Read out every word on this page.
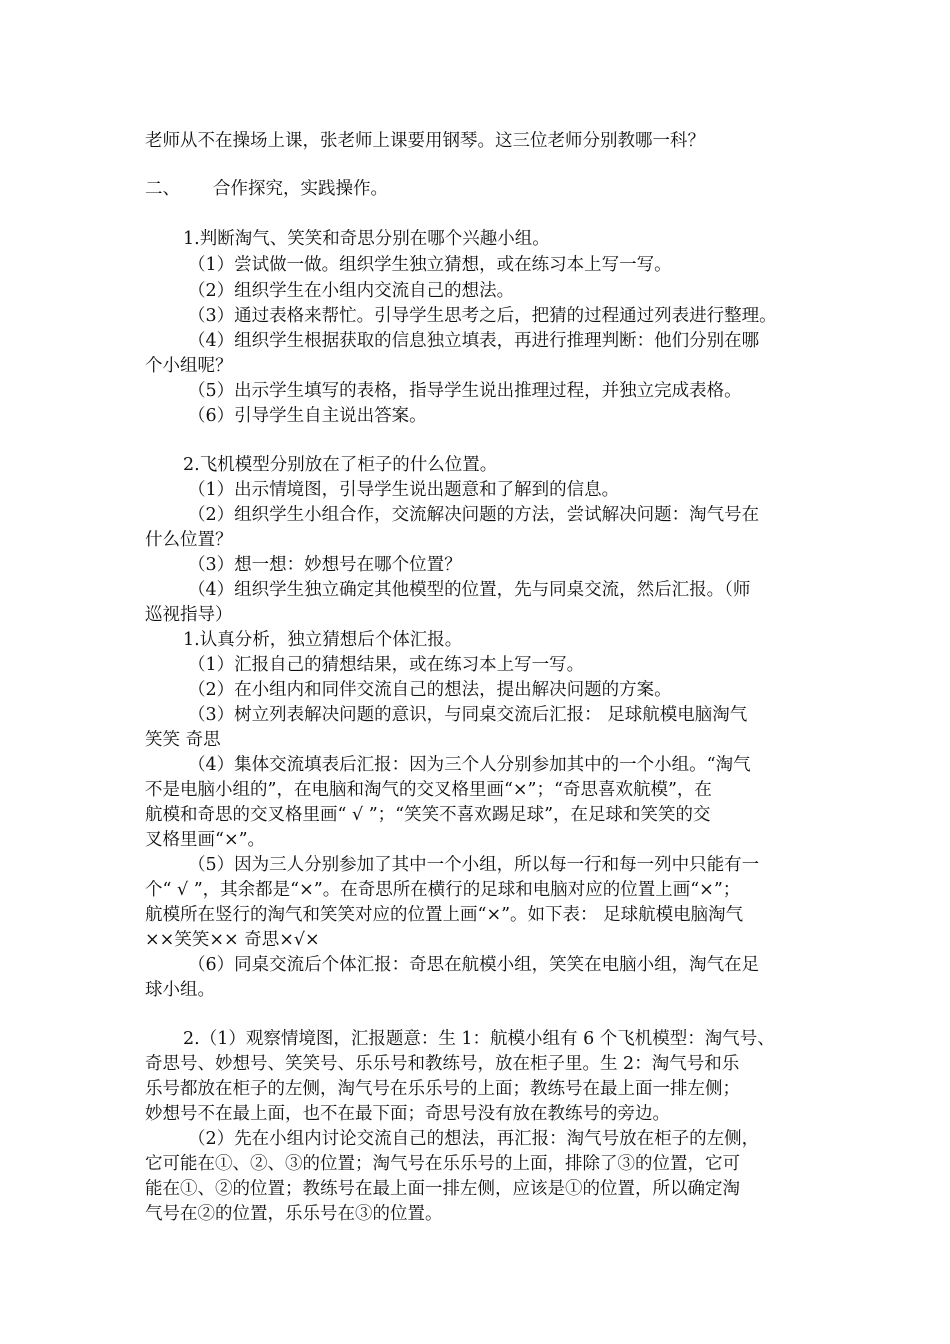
老师从不在操场上课，张老师上课要用钢琴。这三位老师分别教哪一科？
二、 合作探究，实践操作。
1.判断淘气、笑笑和奇思分别在哪个兴趣小组。
（1）尝试做一做。组织学生独立猜想，或在练习本上写一写。
（2）组织学生在小组内交流自己的想法。
（3）通过表格来帮忙。引导学生思考之后，把猜的过程通过列表进行整理。
（4）组织学生根据获取的信息独立填表，再进行推理判断：他们分别在哪
个小组呢？
（5）出示学生填写的表格，指导学生说出推理过程，并独立完成表格。
（6）引导学生自主说出答案。
2.飞机模型分别放在了柜子的什么位置。
（1）出示情境图，引导学生说出题意和了解到的信息。
（2）组织学生小组合作，交流解决问题的方法，尝试解决问题：淘气号在
什么位置？
（3）想一想：妙想号在哪个位置？
（4）组织学生独立确定其他模型的位置，先与同桌交流，然后汇报。（师
巡视指导）
1.认真分析，独立猜想后个体汇报。
（1）汇报自己的猜想结果，或在练习本上写一写。
（2）在小组内和同伴交流自己的想法，提出解决问题的方案。
（3）树立列表解决问题的意识，与同桌交流后汇报： 足球航模电脑淘气
笑笑 奇思
（4）集体交流填表后汇报：因为三个人分别参加其中的一个小组。“淘气
不是电脑小组的”，在电脑和淘气的交叉格里画“×”；“奇思喜欢航模”，在
航模和奇思的交叉格里画“ √ ”；“笑笑不喜欢踢足球”，在足球和笑笑的交
叉格里画“×”。
（5）因为三人分别参加了其中一个小组，所以每一行和每一列中只能有一
个“ √ ”，其余都是“×”。在奇思所在横行的足球和电脑对应的位置上画“×”；
航模所在竖行的淘气和笑笑对应的位置上画“×”。如下表： 足球航模电脑淘气
××笑笑×× 奇思×√×
（6）同桌交流后个体汇报：奇思在航模小组，笑笑在电脑小组，淘气在足
球小组。
2.（1）观察情境图，汇报题意：生 1：航模小组有 6 个飞机模型：淘气号、
奇思号、妙想号、笑笑号、乐乐号和教练号，放在柜子里。生 2：淘气号和乐
乐号都放在柜子的左侧，淘气号在乐乐号的上面；教练号在最上面一排左侧；
妙想号不在最上面，也不在最下面；奇思号没有放在教练号的旁边。
（2）先在小组内讨论交流自己的想法，再汇报：淘气号放在柜子的左侧，
它可能在①、②、③的位置；淘气号在乐乐号的上面，排除了③的位置，它可
能在①、②的位置；教练号在最上面一排左侧，应该是①的位置，所以确定淘
气号在②的位置，乐乐号在③的位置。
